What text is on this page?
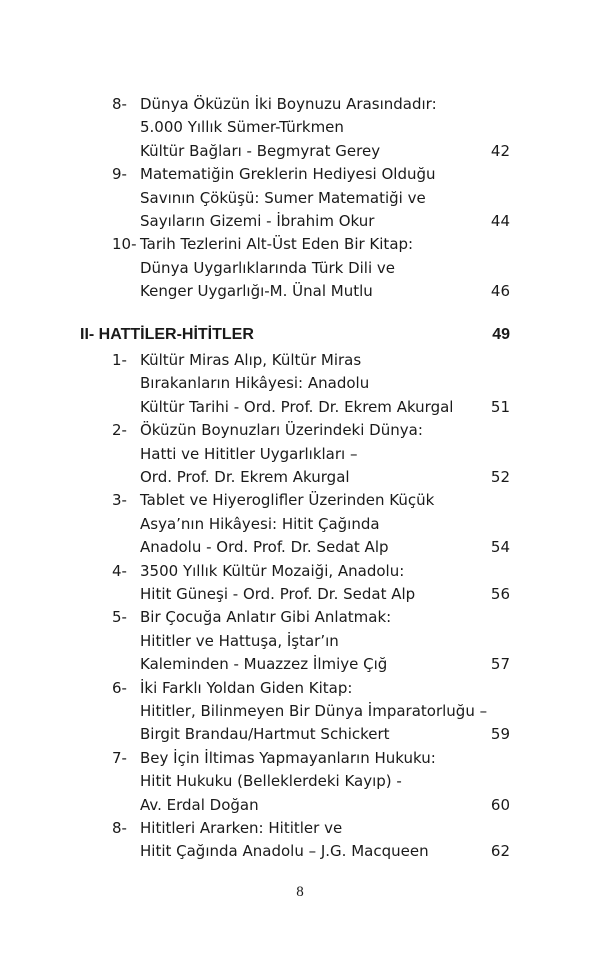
8- Dünya Öküzün İki Boynuzu Arasındadır:
5.000 Yıllık Sümer-Türkmen
Kültür Bağları - Begmyrat Gerey	42
9- Matematiğin Greklerin Hediyesi Olduğu
Savının Çöküşü: Sumer Matematiği ve
Sayıların Gizemi - İbrahim Okur	44
10- Tarih Tezlerini Alt-Üst Eden Bir Kitap:
Dünya Uygarlıklarında Türk Dili ve
Kenger Uygarlığı-M. Ünal Mutlu	46
II- HATTİLER-HİTİTLER	49
1- Kültür Miras Alıp, Kültür Miras
Bırakanların Hikâyesi: Anadolu
Kültür Tarihi - Ord. Prof. Dr. Ekrem Akurgal 51
2- Öküzün Boynuzları Üzerindeki Dünya:
Hatti ve Hititler Uygarlıkları –
Ord. Prof. Dr. Ekrem Akurgal	52
3- Tablet ve Hiyeroglifler Üzerinden Küçük
Asya’nın Hikâyesi: Hitit Çağında
Anadolu - Ord. Prof. Dr. Sedat Alp	54
4- 3500 Yıllık Kültür Mozaiği, Anadolu:
Hitit Güneşi - Ord. Prof. Dr. Sedat Alp	56
5- Bir Çocuğa Anlatır Gibi Anlatmak:
Hititler ve Hattuşa, İştar’ın
Kaleminden - Muazzez İlmiye Çığ	57
6- İki Farklı Yoldan Giden Kitap:
Hititler, Bilinmeyen Bir Dünya İmparatorluğu –
Birgit Brandau/Hartmut Schickert	59
7- Bey İçin İltimas Yapmayanların Hukuku:
Hitit Hukuku (Belleklerdeki Kayıp) -
Av. Erdal Doğan	60
8- Hititleri Ararken: Hititler ve
Hitit Çağında Anadolu – J.G. Macqueen	62
8
